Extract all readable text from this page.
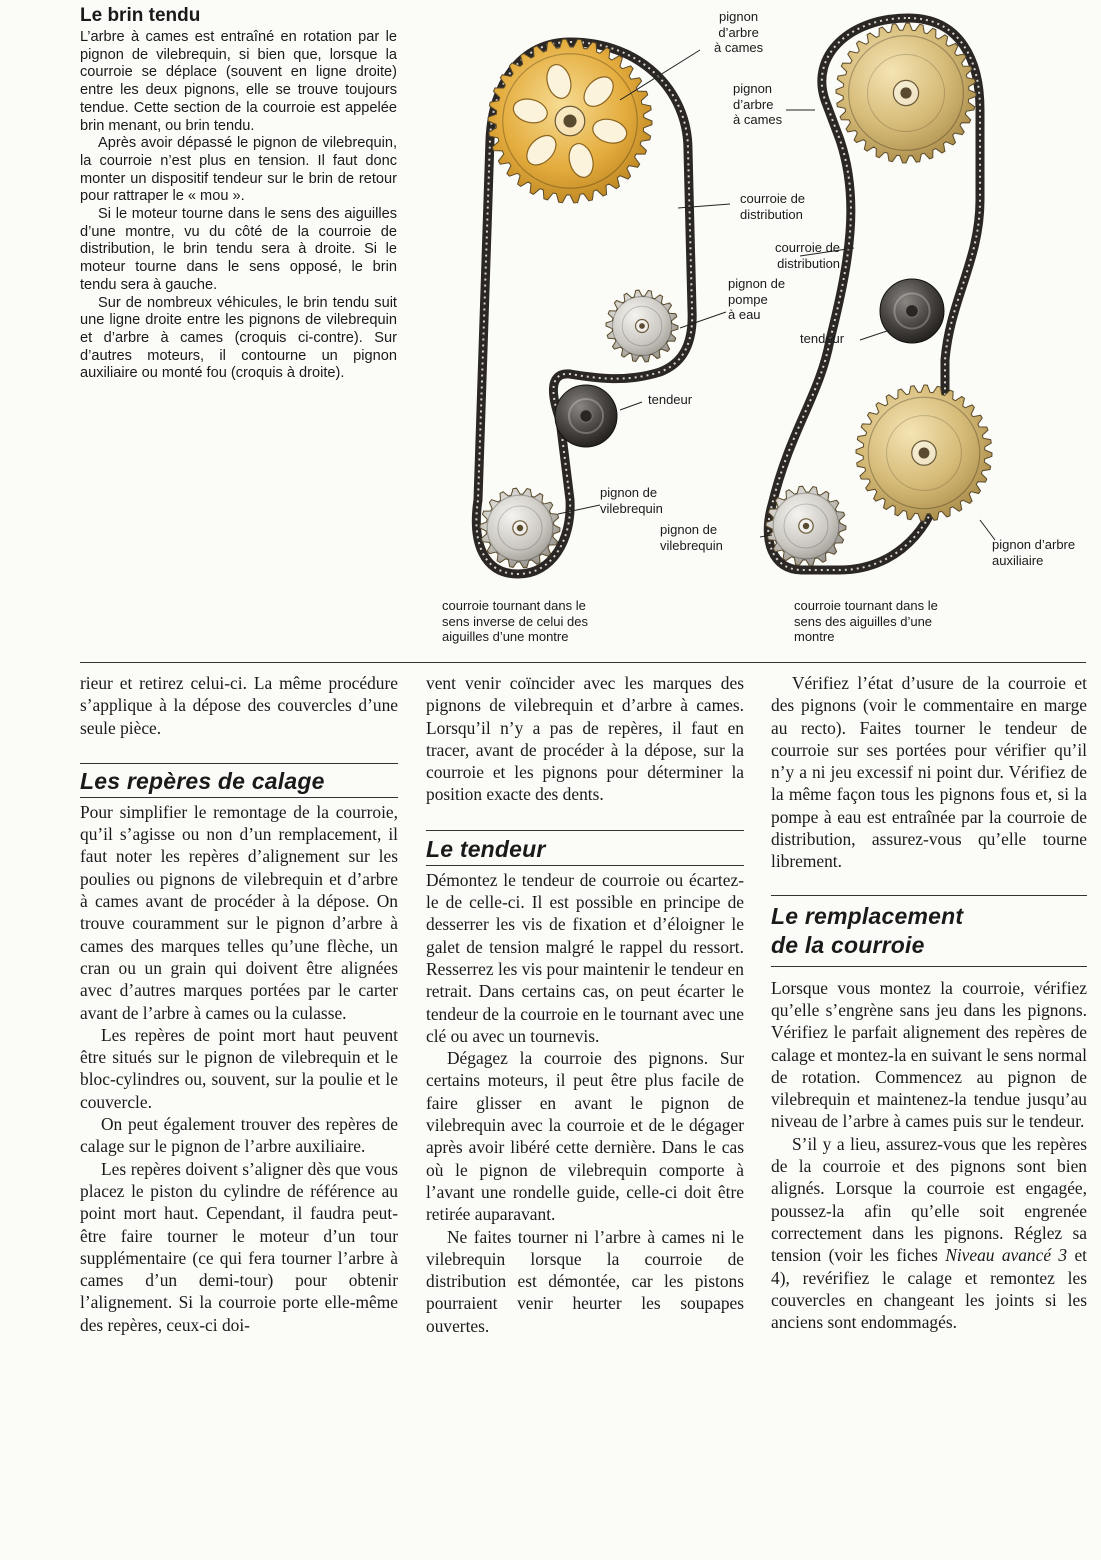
Le brin tendu

L’arbre à cames est entraîné en rotation par le pignon de vilebrequin, si bien que, lorsque la courroie se déplace (souvent en ligne droite) entre les deux pignons, elle se trouve toujours tendue. Cette section de la courroie est appelée brin menant, ou brin tendu.

Après avoir dépassé le pignon de vilebrequin, la courroie n’est plus en tension. Il faut donc monter un dispositif tendeur sur le brin de retour pour rattraper le « mou ».

Si le moteur tourne dans le sens des aiguilles d’une montre, vu du côté de la courroie de distribution, le brin tendu sera à droite. Si le moteur tourne dans le sens opposé, le brin tendu sera à gauche.

Sur de nombreux véhicules, le brin tendu suit une ligne droite entre les pignons de vilebrequin et d’arbre à cames (croquis ci-contre). Sur d’autres moteurs, il contourne un pignon auxiliaire ou monté fou (croquis à droite).

pignon
d’arbre
à cames
courroie de
distribution
pignon de
pompe
à eau
tendeur
pignon de
vilebrequin
courroie tournant dans le
sens inverse de celui des
aiguilles d’une montre
pignon
d’arbre
à cames
courroie de
distribution
tendeur
pignon de
vilebrequin	pignon d’arbre
auxiliaire
courroie tournant dans le
sens des aiguilles d’une
montre

rieur et retirez celui-ci. La même procédure s’applique à la dépose des couvercles d’une seule pièce.

Les repères de calage

Pour simplifier le remontage de la courroie, qu’il s’agisse ou non d’un remplacement, il faut noter les repères d’alignement sur les poulies ou pignons de vilebrequin et d’arbre à cames avant de procéder à la dépose. On trouve couramment sur le pignon d’arbre à cames des marques telles qu’une flèche, un cran ou un grain qui doivent être alignées avec d’autres marques portées par le carter avant de l’arbre à cames ou la culasse.

Les repères de point mort haut peuvent être situés sur le pignon de vilebrequin et le bloc-cylindres ou, souvent, sur la poulie et le couvercle.

On peut également trouver des repères de calage sur le pignon de l’arbre auxiliaire.

Les repères doivent s’aligner dès que vous placez le piston du cylindre de référence au point mort haut. Cependant, il faudra peut-être faire tourner le moteur d’un tour supplémentaire (ce qui fera tourner l’arbre à cames d’un demi-tour) pour obtenir l’alignement. Si la courroie porte elle-même des repères, ceux-ci doi-

vent venir coïncider avec les marques des pignons de vilebrequin et d’arbre à cames. Lorsqu’il n’y a pas de repères, il faut en tracer, avant de procéder à la dépose, sur la courroie et les pignons pour déterminer la position exacte des dents.

Le tendeur

Démontez le tendeur de courroie ou écartez-le de celle-ci. Il est possible en principe de desserrer les vis de fixation et d’éloigner le galet de tension malgré le rappel du ressort. Resserrez les vis pour maintenir le tendeur en retrait. Dans certains cas, on peut écarter le tendeur de la courroie en le tournant avec une clé ou avec un tournevis.

Dégagez la courroie des pignons. Sur certains moteurs, il peut être plus facile de faire glisser en avant le pignon de vilebrequin avec la courroie et de le dégager après avoir libéré cette dernière. Dans le cas où le pignon de vilebrequin comporte à l’avant une rondelle guide, celle-ci doit être retirée auparavant.

Ne faites tourner ni l’arbre à cames ni le vilebrequin lorsque la courroie de distribution est démontée, car les pistons pourraient venir heurter les soupapes ouvertes.

Vérifiez l’état d’usure de la courroie et des pignons (voir le commentaire en marge au recto). Faites tourner le tendeur de courroie sur ses portées pour vérifier qu’il n’y a ni jeu excessif ni point dur. Vérifiez de la même façon tous les pignons fous et, si la pompe à eau est entraînée par la courroie de distribution, assurez-vous qu’elle tourne librement.

Le remplacement
de la courroie

Lorsque vous montez la courroie, vérifiez qu’elle s’engrène sans jeu dans les pignons. Vérifiez le parfait alignement des repères de calage et montez-la en suivant le sens normal de rotation. Commencez au pignon de vilebrequin et maintenez-la tendue jusqu’au niveau de l’arbre à cames puis sur le tendeur.

S’il y a lieu, assurez-vous que les repères de la courroie et des pignons sont bien alignés. Lorsque la courroie est engagée, poussez-la afin qu’elle soit engrenée correctement dans les pignons. Réglez sa tension (voir les fiches Niveau avancé 3 et 4), revérifiez le calage et remontez les couvercles en changeant les joints si les anciens sont endommagés.
